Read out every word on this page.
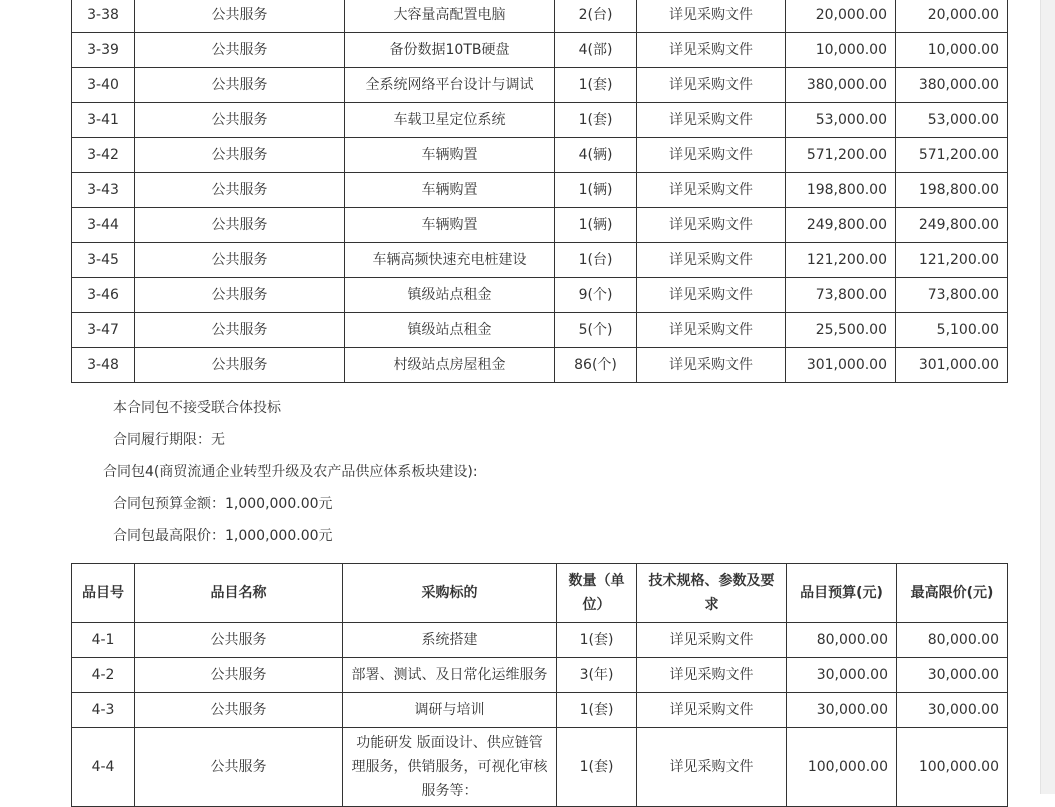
3-38	公共服务	大容量高配置电脑	2(台)	详见采购文件	20,000.00	20,000.00
3-39	公共服务	备份数据10TB硬盘	4(部)	详见采购文件	10,000.00	10,000.00
3-40	公共服务	全系统网络平台设计与调试	1(套)	详见采购文件	380,000.00	380,000.00
3-41	公共服务	车载卫星定位系统	1(套)	详见采购文件	53,000.00	53,000.00
3-42	公共服务	车辆购置	4(辆)	详见采购文件	571,200.00	571,200.00
3-43	公共服务	车辆购置	1(辆)	详见采购文件	198,800.00	198,800.00
3-44	公共服务	车辆购置	1(辆)	详见采购文件	249,800.00	249,800.00
3-45	公共服务	车辆高频快速充电桩建设	1(台)	详见采购文件	121,200.00	121,200.00
3-46	公共服务	镇级站点租金	9(个)	详见采购文件	73,800.00	73,800.00
3-47	公共服务	镇级站点租金	5(个)	详见采购文件	25,500.00	5,100.00
3-48	公共服务	村级站点房屋租金	86(个)	详见采购文件	301,000.00	301,000.00
本合同包不接受联合体投标
合同履行期限：无
合同包4(商贸流通企业转型升级及农产品供应体系板块建设):
合同包预算金额：1,000,000.00元
合同包最高限价：1,000,000.00元
品目号	品目名称	采购标的	数量（单
位）	技术规格、参数及要
求	品目预算(元)	最高限价(元)
4-1	公共服务	系统搭建	1(套)	详见采购文件	80,000.00	80,000.00
4-2	公共服务	部署、测试、及日常化运维服务	3(年)	详见采购文件	30,000.00	30,000.00
4-3	公共服务	调研与培训	1(套)	详见采购文件	30,000.00	30,000.00
4-4	公共服务	功能研发 版面设计、供应链管
理服务，供销服务，可视化审核
服务等：	1(套)	详见采购文件	100,000.00	100,000.00
